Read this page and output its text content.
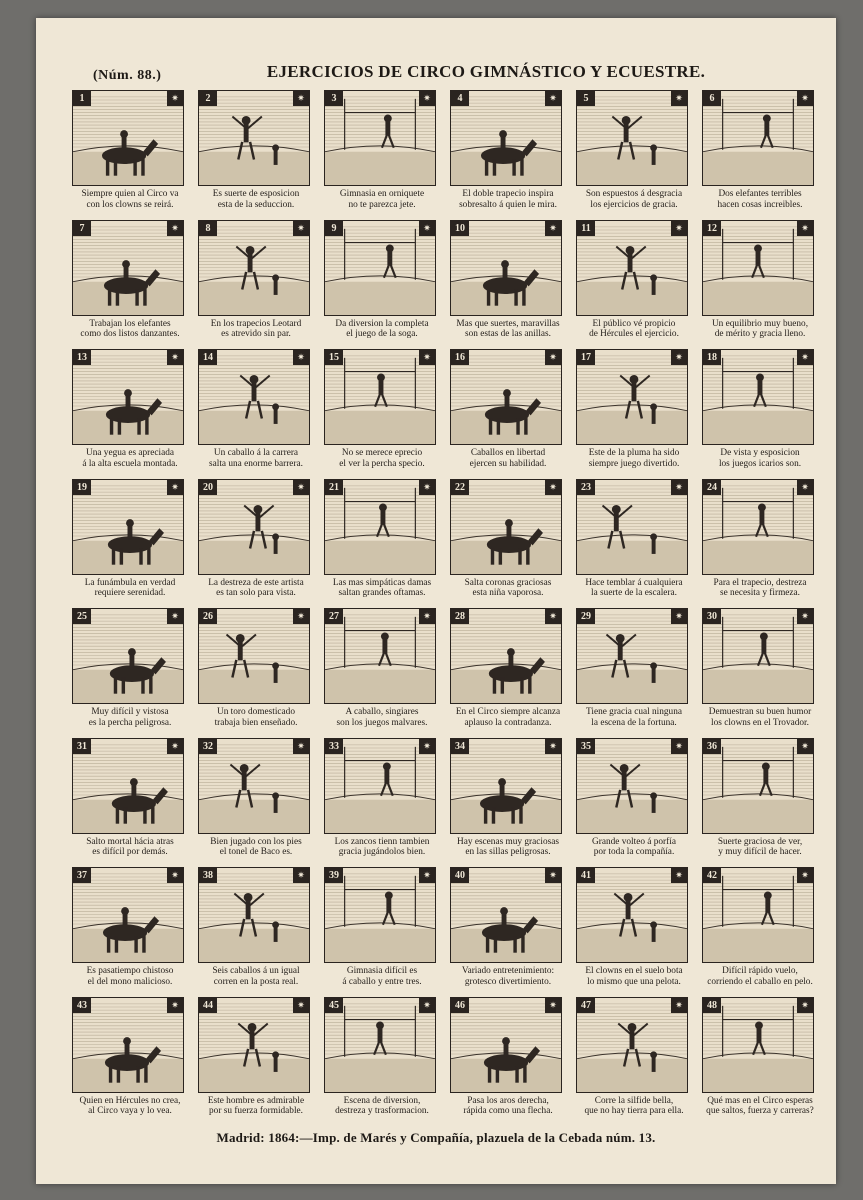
(Núm. 88.)	EJERCICIOS DE CIRCO GIMNÁSTICO Y ECUESTRE.
1	✷
Siempre quien al Circo va
con los clowns se reirá.
2	✷
Es suerte de esposicion
esta de la seduccion.
3	✷
Gimnasia en orniquete
no te parezca jete.
4	✷
El doble trapecio inspira
sobresalto á quien le mira.
5	✷
Son espuestos á desgracia
los ejercicios de gracia.
6	✷
Dos elefantes terribles
hacen cosas increibles.
7	✷
Trabajan los elefantes
como dos listos danzantes.
8	✷
En los trapecios Leotard
es atrevido sin par.
9	✷
Da diversion la completa
el juego de la soga.
10	✷
Mas que suertes, maravillas
son estas de las anillas.
11	✷
El público vé propicio
de Hércules el ejercicio.
12	✷
Un equilibrio muy bueno,
de mérito y gracia lleno.
13	✷
Una yegua es apreciada
á la alta escuela montada.
14	✷
Un caballo á la carrera
salta una enorme barrera.
15	✷
No se merece eprecio
el ver la percha specio.
16	✷
Caballos en libertad
ejercen su habilidad.
17	✷
Este de la pluma ha sido
siempre juego divertido.
18	✷
De vista y esposicion
los juegos icarios son.
19	✷
La funámbula en verdad
requiere serenidad.
20	✷
La destreza de este artista
es tan solo para vista.
21	✷
Las mas simpáticas damas
saltan grandes oftamas.
22	✷
Salta coronas graciosas
esta niña vaporosa.
23	✷
Hace temblar á cualquiera
la suerte de la escalera.
24	✷
Para el trapecio, destreza
se necesita y firmeza.
25	✷
Muy difícil y vistosa
es la percha peligrosa.
26	✷
Un toro domesticado
trabaja bien enseñado.
27	✷
A caballo, singiares
son los juegos malvares.
28	✷
En el Circo siempre alcanza
aplauso la contradanza.
29	✷
Tiene gracia cual ninguna
la escena de la fortuna.
30	✷
Demuestran su buen humor
los clowns en el Trovador.
31	✷
Salto mortal hácia atras
es difícil por demás.
32	✷
Bien jugado con los pies
el tonel de Baco es.
33	✷
Los zancos tienn tambien
gracia jugándolos bien.
34	✷
Hay escenas muy graciosas
en las sillas peligrosas.
35	✷
Grande volteo á porfía
por toda la compañía.
36	✷
Suerte graciosa de ver,
y muy difícil de hacer.
37	✷
Es pasatiempo chistoso
el del mono malicioso.
38	✷
Seis caballos á un igual
corren en la posta real.
39	✷
Gimnasia difícil es
á caballo y entre tres.
40	✷
Variado entretenimiento:
grotesco divertimiento.
41	✷
El clowns en el suelo bota
lo mismo que una pelota.
42	✷
Difícil rápido vuelo,
corriendo el caballo en pelo.
43	✷
Quien en Hércules no crea,
al Circo vaya y lo vea.
44	✷
Este hombre es admirable
por su fuerza formidable.
45	✷
Escena de diversion,
destreza y trasformacion.
46	✷
Pasa los aros derecha,
rápida como una flecha.
47	✷
Corre la silfide bella,
que no hay tierra para ella.
48	✷
Qué mas en el Circo esperas
que saltos, fuerza y carreras?
Madrid: 1864:—Imp. de Marés y Compañía, plazuela de la Cebada núm. 13.
